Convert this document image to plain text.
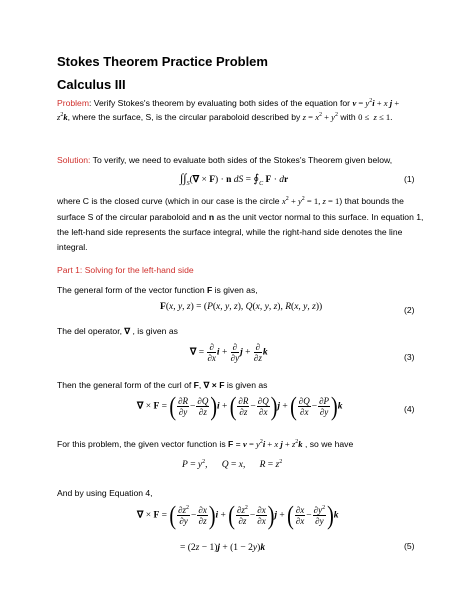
Stokes Theorem Practice Problem
Calculus III
Problem: Verify Stokes's theorem by evaluating both sides of the equation for $v = y^2i + x$ j +
$z^2k$, where the surface, S, is the circular paraboloid described by $z = x^2 + y^2$ with 0 ≤  z ≤ 1.
Solution: To verify, we need to evaluate both sides of the Stokes's Theorem given below,
$\int\int_S(\nabla \times F) \cdot n$ dS = $∮_C$ F · dr	(1)
where C is the closed curve (which in our case is the circle $x^2 + y^2 = 1$, z = 1) that bounds the
surface S of the circular paraboloid and n as the unit vector normal to this surface. In equation 1,
the left-hand side represents the surface integral, while the right-hand side denotes the line
integral.
Part 1: Solving for the left-hand side
The general form of the vector function F is given as,
F(x, y, z) = (P(x, y, z), Q(x, y, z), R(x, y, z))	(2)
The del operator, ∇ , is given as
∇ = $\frac{\partial}{\partial x}$ $i + \frac{\partial}{\partial y}$ $j + \frac{\partial}{\partial z}$ k	(3)
Then the general form of the curl of F, ∇ × F is given as
∇ × F = ( $\frac{\partial R}{\partial y} - \frac{\partial Q}{\partial z} )i$ + ( $\frac{\partial R}{\partial z} - \frac{\partial Q}{\partial x} )j$ + ( $\frac{\partial Q}{\partial x} - \frac{\partial P}{\partial y} )k$	(4)
For this problem, the given vector function is $F = v = y^2i + x$ $j + z^2k$ , so we have
$P = y^2$,      Q = x,      $R = z^2$
And by using Equation 4,
∇ × F = ( $\frac{\partial z^2}{\partial y} - \frac{\partial x}{\partial z} )i$ + ( $\frac{\partial z^2}{\partial z} - \frac{\partial x}{\partial x} )j$ + ( $\frac{\partial x}{\partial x} - \frac{\partial y^2}{\partial y} )k$
= (2z − 1)j + (1 − 2y)k	(5)
